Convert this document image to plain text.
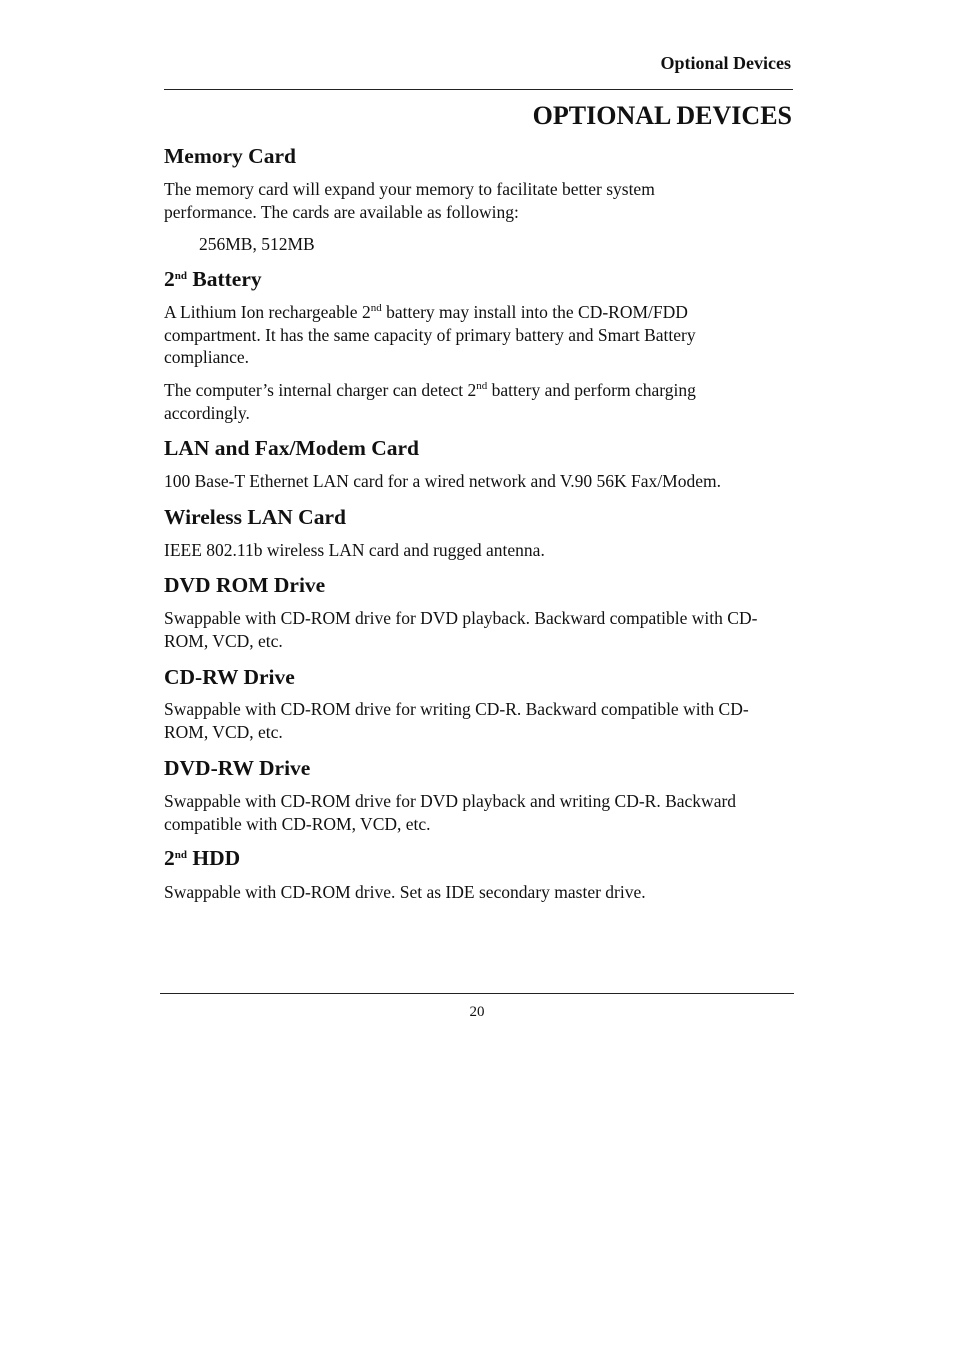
Optional Devices
OPTIONAL DEVICES
Memory Card

The memory card will expand your memory to facilitate better system performance. The cards are available as following:

256MB, 512MB

2nd Battery

A Lithium Ion rechargeable 2nd battery may install into the CD-ROM/FDD compartment. It has the same capacity of primary battery and Smart Battery compliance.

The computer’s internal charger can detect 2nd battery and perform charging accordingly.

LAN and Fax/Modem Card

100 Base-T Ethernet LAN card for a wired network and V.90 56K Fax/Modem.

Wireless LAN Card

IEEE 802.11b wireless LAN card and rugged antenna.

DVD ROM Drive

Swappable with CD-ROM drive for DVD playback. Backward compatible with CD-ROM, VCD, etc.

CD-RW Drive

Swappable with CD-ROM drive for writing CD-R. Backward compatible with CD-ROM, VCD, etc.

DVD-RW Drive

Swappable with CD-ROM drive for DVD playback and writing CD-R. Backward compatible with CD-ROM, VCD, etc.

2nd HDD

Swappable with CD-ROM drive. Set as IDE secondary master drive.

20
